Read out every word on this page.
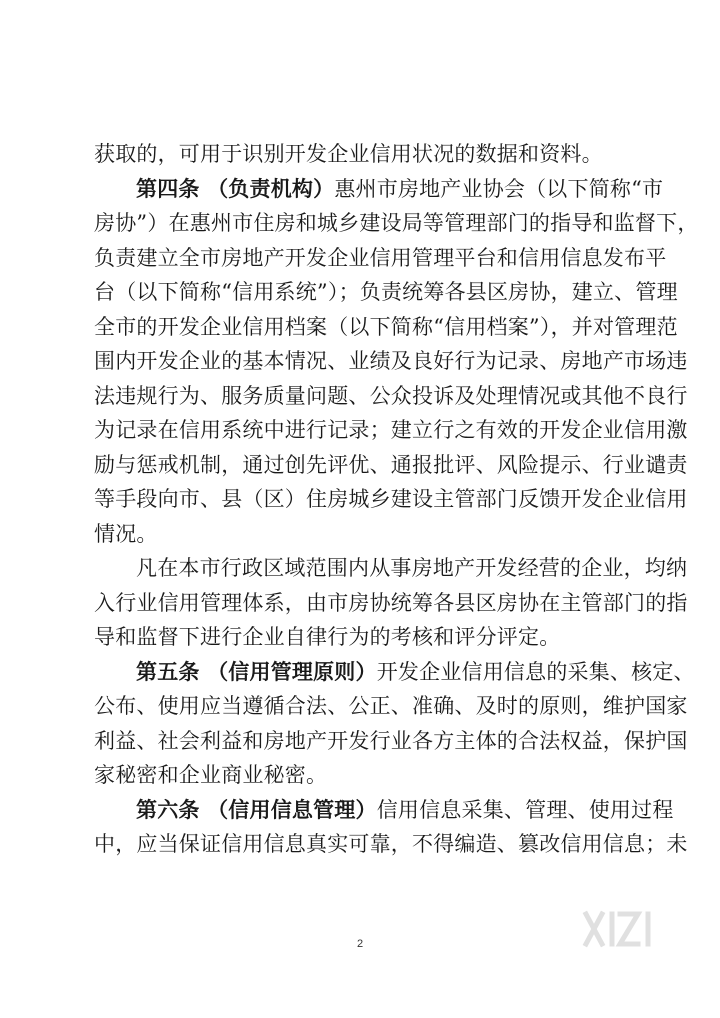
获取的，可用于识别开发企业信用状况的数据和资料。
第四条 （负责机构）惠州市房地产业协会（以下简称“市
房协”）在惠州市住房和城乡建设局等管理部门的指导和监督下，
负责建立全市房地产开发企业信用管理平台和信用信息发布平
台（以下简称“信用系统”）；负责统筹各县区房协，建立、管理
全市的开发企业信用档案（以下简称“信用档案”），并对管理范
围内开发企业的基本情况、业绩及良好行为记录、房地产市场违
法违规行为、服务质量问题、公众投诉及处理情况或其他不良行
为记录在信用系统中进行记录；建立行之有效的开发企业信用激
励与惩戒机制，通过创先评优、通报批评、风险提示、行业谴责
等手段向市、县（区）住房城乡建设主管部门反馈开发企业信用
情况。
凡在本市行政区域范围内从事房地产开发经营的企业，均纳
入行业信用管理体系，由市房协统筹各县区房协在主管部门的指
导和监督下进行企业自律行为的考核和评分评定。
第五条 （信用管理原则）开发企业信用信息的采集、核定、
公布、使用应当遵循合法、公正、准确、及时的原则，维护国家
利益、社会利益和房地产开发行业各方主体的合法权益，保护国
家秘密和企业商业秘密。
第六条 （信用信息管理）信用信息采集、管理、使用过程
中，应当保证信用信息真实可靠，不得编造、篡改信用信息；未
2
